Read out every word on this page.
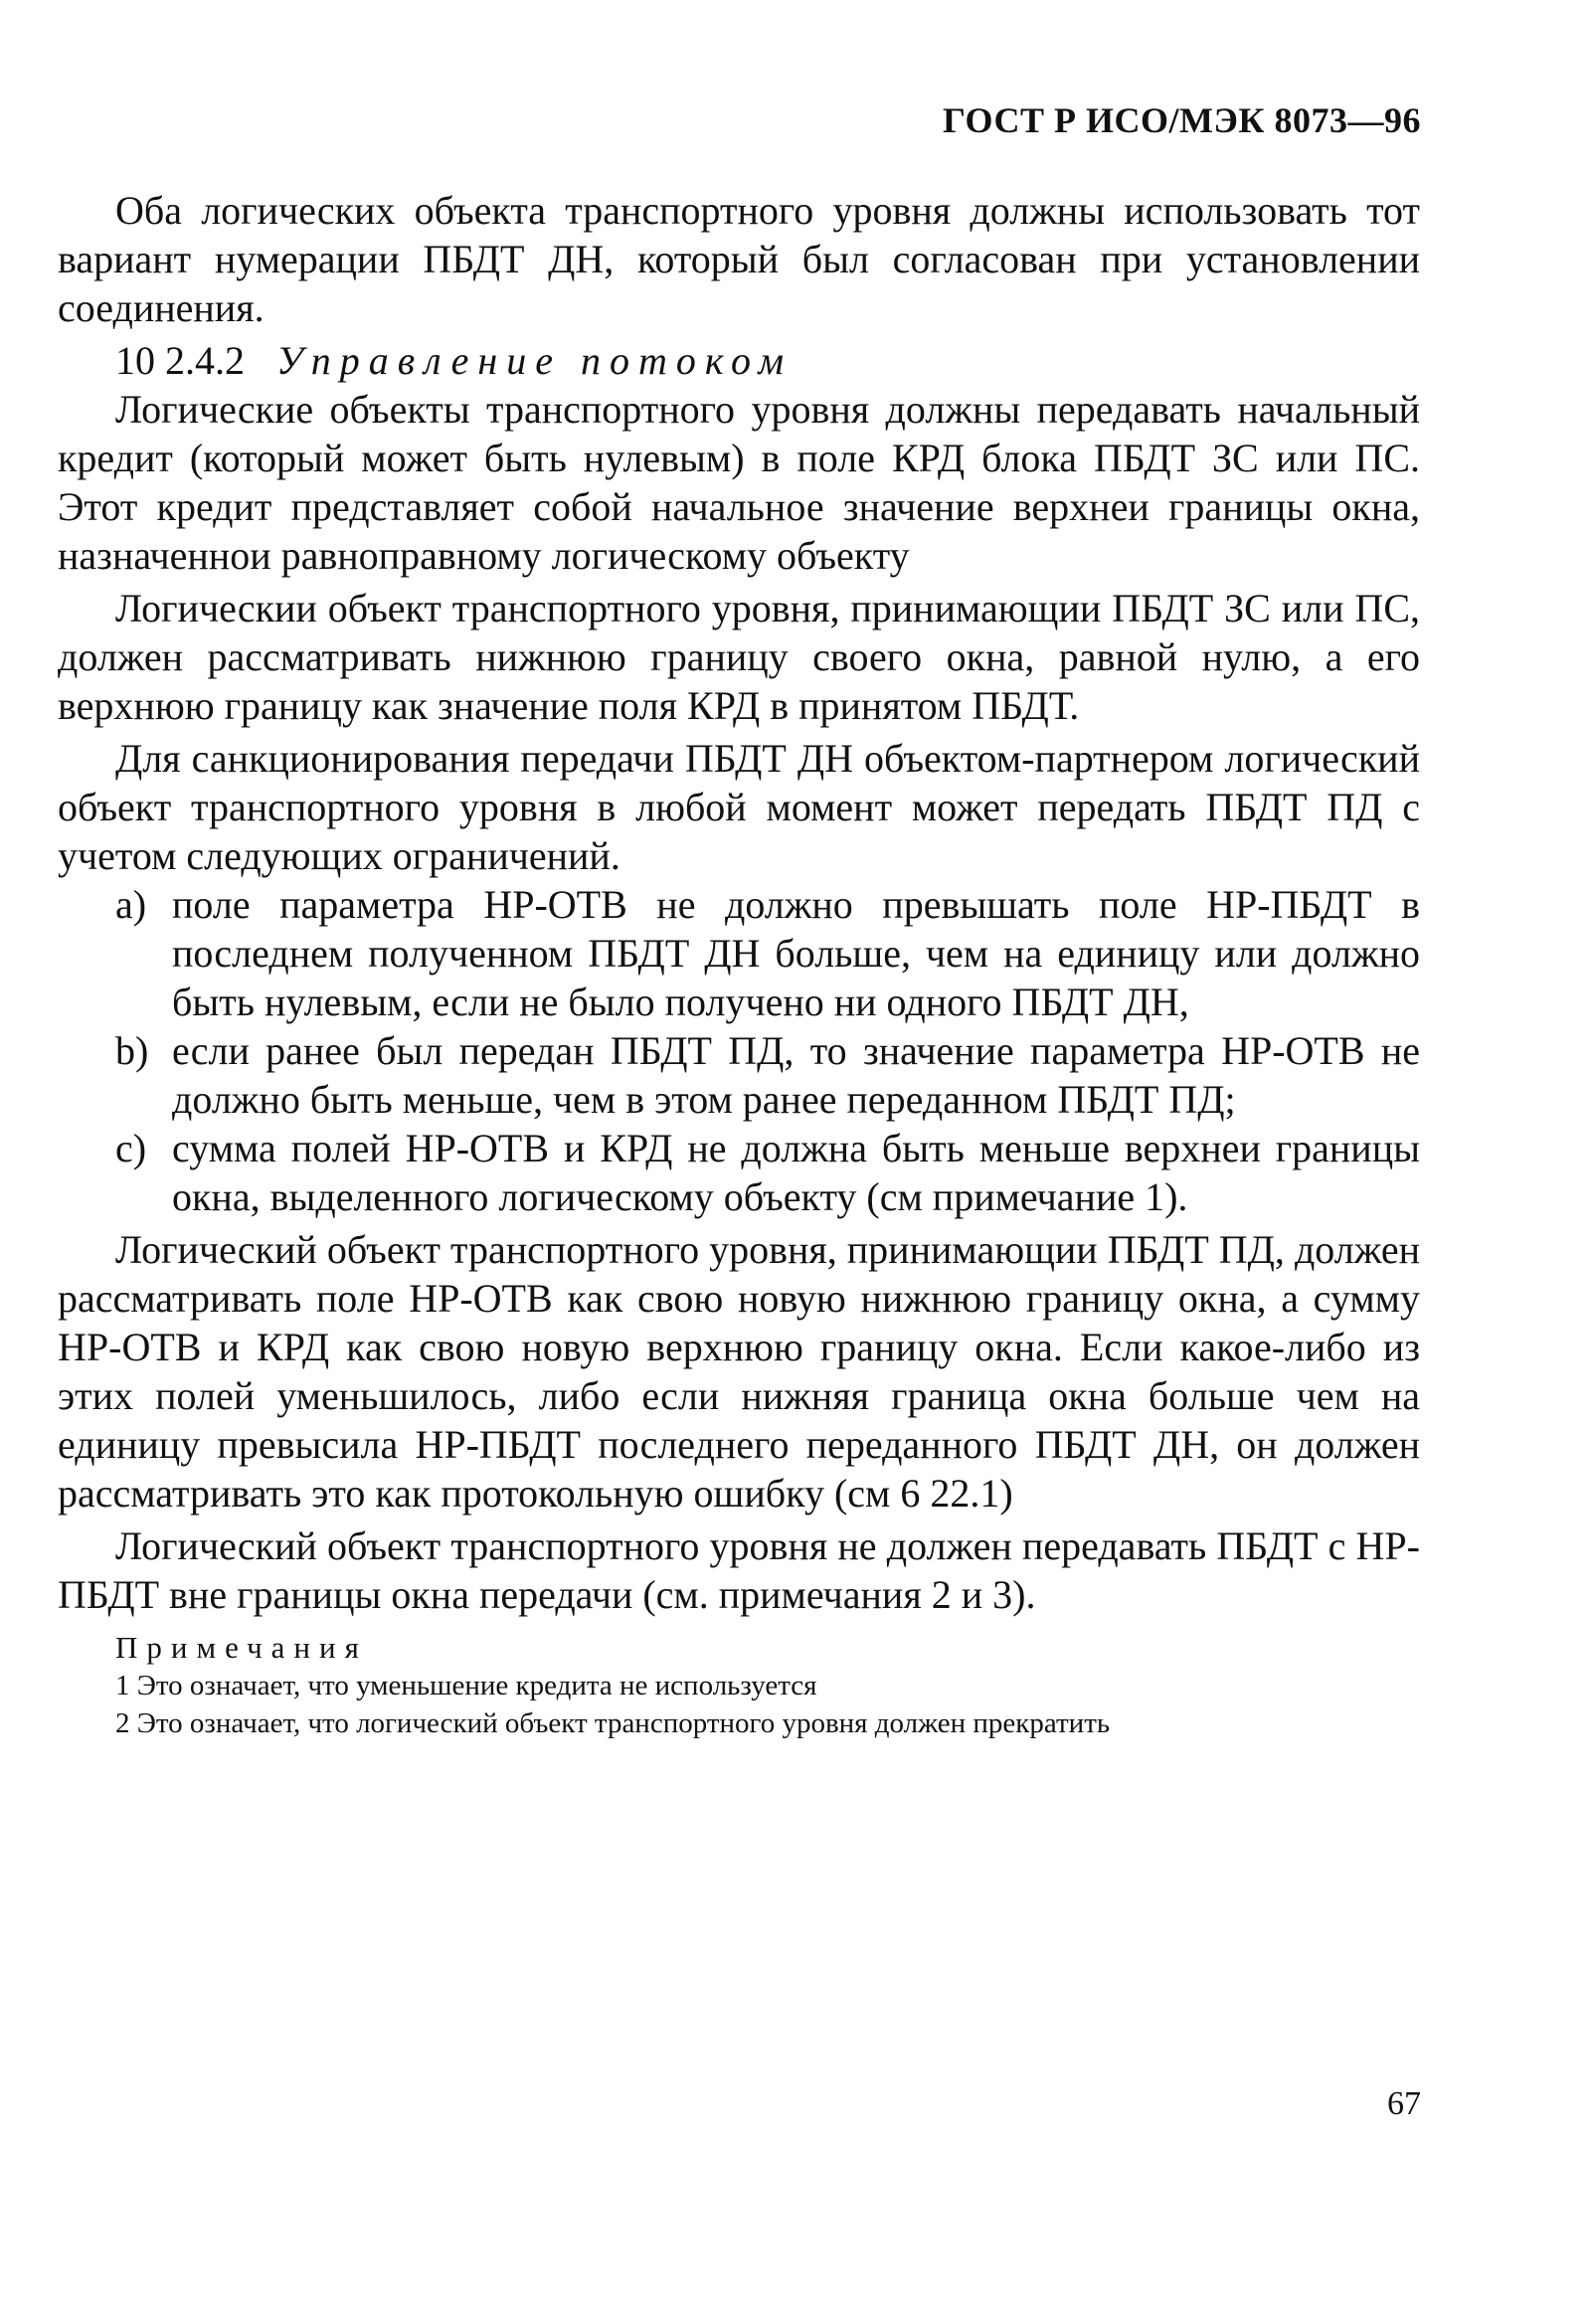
ГОСТ Р ИСО/МЭК 8073—96

Оба логических объекта транспортного уровня должны использовать тот вариант нумерации ПБДТ ДН, который был согласован при установлении соединения.

10 2.4.2 Управление потоком

Логические объекты транспортного уровня должны передавать начальный кредит (который может быть нулевым) в поле КРД блока ПБДТ ЗС или ПС. Этот кредит представляет собой начальное значение верхнеи границы окна, назначеннои равноправному логическому объекту

Логическии объект транспортного уровня, принимающии ПБДТ ЗС или ПС, должен рассматривать нижнюю границу своего окна, равной нулю, а его верхнюю границу как значение поля КРД в принятом ПБДТ.

Для санкционирования передачи ПБДТ ДН объектом-партнером логический объект транспортного уровня в любой момент может передать ПБДТ ПД с учетом следующих ограничений.

a) поле параметра НР-ОТВ не должно превышать поле НР-ПБДТ в последнем полученном ПБДТ ДН больше, чем на единицу или должно быть нулевым, если не было получено ни одного ПБДТ ДН,
b) если ранее был передан ПБДТ ПД, то значение параметра НР-ОТВ не должно быть меньше, чем в этом ранее переданном ПБДТ ПД;
c) сумма полей НР-ОТВ и КРД не должна быть меньше верхнеи границы окна, выделенного логическому объекту (см примечание 1).

Логический объект транспортного уровня, принимающии ПБДТ ПД, должен рассматривать поле НР-ОТВ как свою новую нижнюю границу окна, а сумму НР-ОТВ и КРД как свою новую верхнюю границу окна. Если какое-либо из этих полей уменьшилось, либо если нижняя граница окна больше чем на единицу превысила НР-ПБДТ последнего переданного ПБДТ ДН, он должен рассматривать это как протокольную ошибку (см 6 22.1)

Логический объект транспортного уровня не должен передавать ПБДТ с НР-ПБДТ вне границы окна передачи (см. примечания 2 и 3).

Примечания
1 Это означает, что уменьшение кредита не используется
2 Это означает, что логический объект транспортного уровня должен прекратить
67
